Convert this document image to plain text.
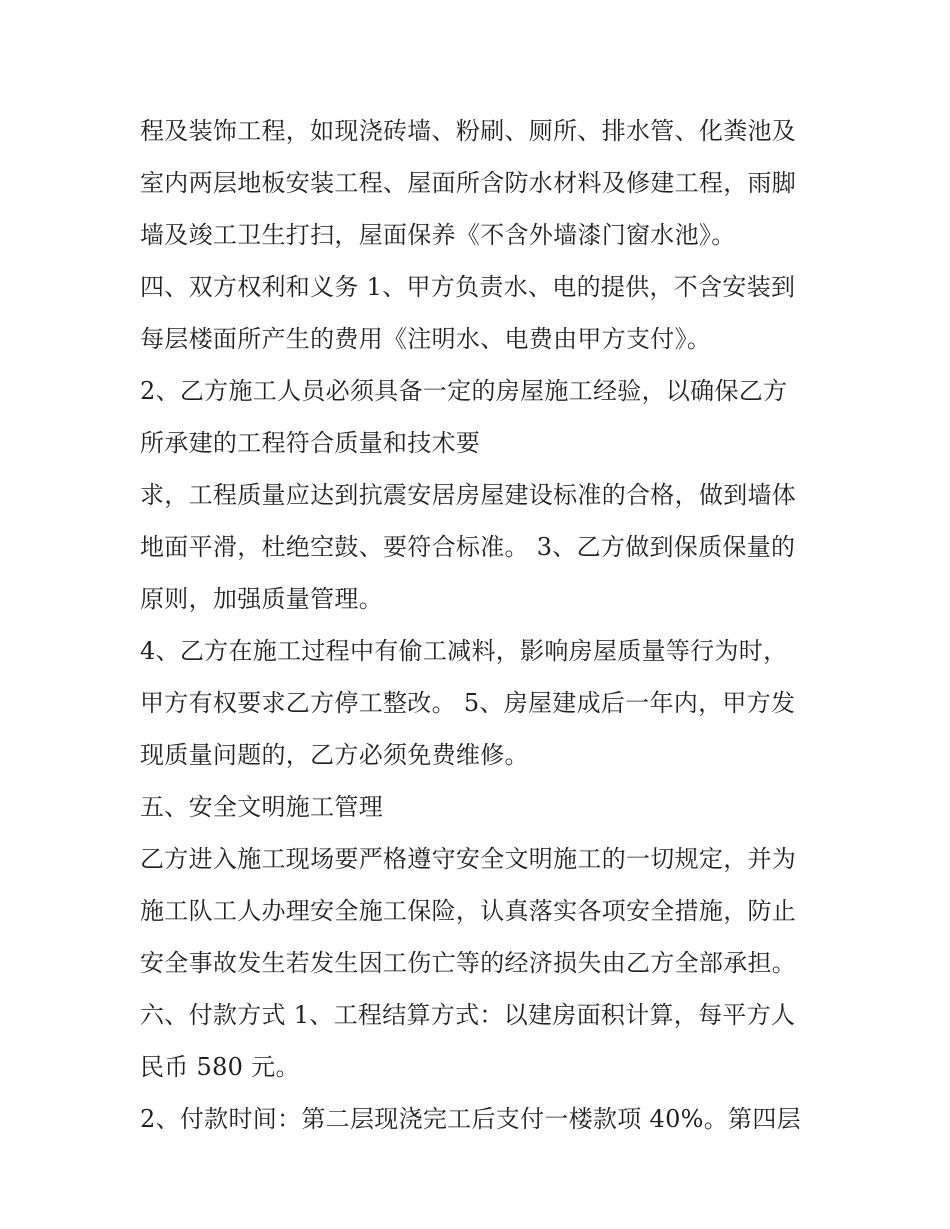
程及装饰工程，如现浇砖墙、粉刷、厕所、排水管、化粪池及
室内两层地板安装工程、屋面所含防水材料及修建工程，雨脚
墙及竣工卫生打扫，屋面保养《不含外墙漆门窗水池》。
四、双方权利和义务 1、甲方负责水、电的提供，不含安装到
每层楼面所产生的费用《注明水、电费由甲方支付》。
2、乙方施工人员必须具备一定的房屋施工经验，以确保乙方
所承建的工程符合质量和技术要
求，工程质量应达到抗震安居房屋建设标准的合格，做到墙体
地面平滑，杜绝空鼓、要符合标准。 3、乙方做到保质保量的
原则，加强质量管理。
4、乙方在施工过程中有偷工减料，影响房屋质量等行为时，
甲方有权要求乙方停工整改。 5、房屋建成后一年内，甲方发
现质量问题的，乙方必须免费维修。
五、安全文明施工管理
乙方进入施工现场要严格遵守安全文明施工的一切规定，并为
施工队工人办理安全施工保险，认真落实各项安全措施，防止
安全事故发生若发生因工伤亡等的经济损失由乙方全部承担。
六、付款方式 1、工程结算方式：以建房面积计算，每平方人
民币 580 元。
2、付款时间：第二层现浇完工后支付一楼款项 40%。第四层
